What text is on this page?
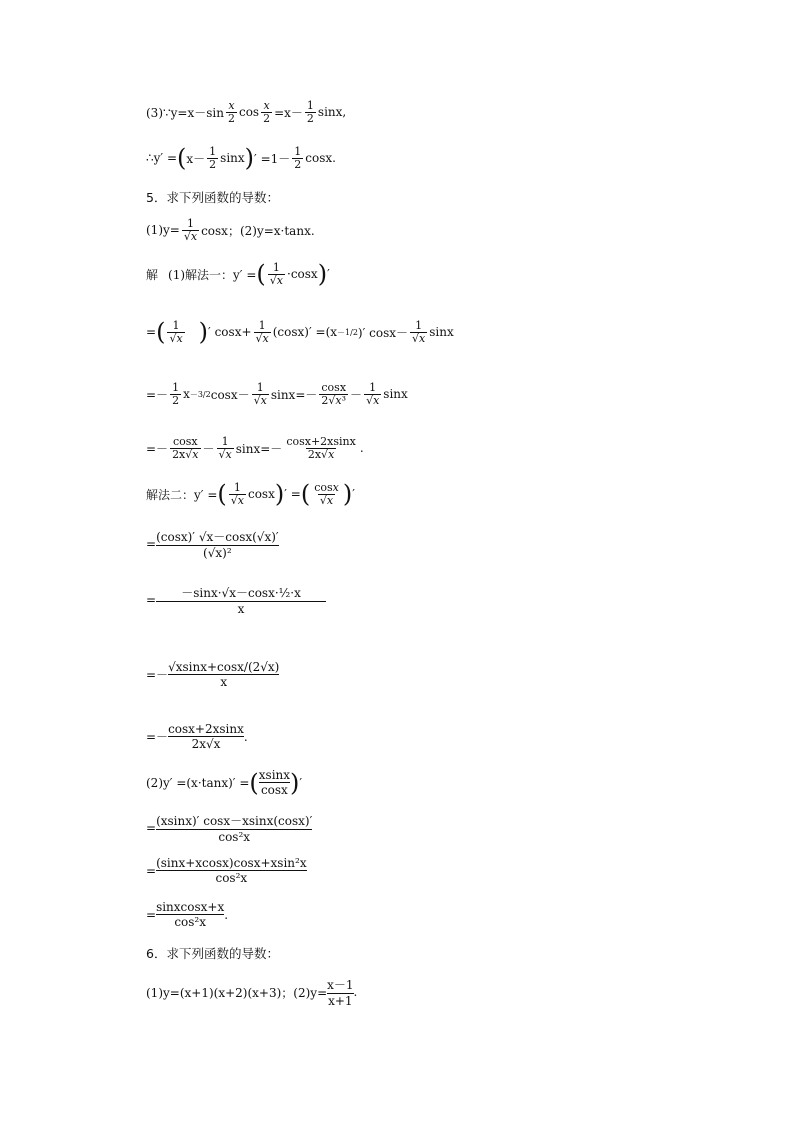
(3)∵y=x－sin $\frac{x}{2}$ $\cos \frac{x}{2} =x- \frac{1}{2} \sin x$,
∴y′ = ( $x- \frac{1}{2}$ sinx ) ′ $=1- \frac{1}{2} \cos x$.
5．求下列函数的导数：
$(1)y= \frac{1}{√x}$ cosx；(2)y=x·tanx.
解 (1)解法一：y′ = ( $\frac{1}{√x} \cdot\cos x$ ) ′
= ( $\frac{1}{√x}$ ) ′ $\cos x+ \frac{1}{√x} (\cos x)' =(x -1/2$ )′ $\cos x- \frac{1}{√x}$ sinx
=－ $\frac{1}{2}$ x －3/2 $\cos x- \frac{1}{√x} \sin x=- \frac{\cos x}{\text{2√x³}} - \frac{1}{√x}$ sinx
=－ $\frac{\cos x}{2x√x} - \frac{1}{√x} \sin x=- \frac{\cos x+2xsinx}{2x√x}$ .
解法二：y′ = ( $\frac{1}{√x}$ cosx ) ′ = ( $\frac{\cos x}{√x}$ ) ′
= $\frac{(\cos x)' √x-\cos x(√x)'}{\text{(√x)²}}$
= $\frac{\text{－sinx·√x－cosx·½·x}}{x}$
=－ $\frac{√xsinx+\cos x/(2√x)}{x}$
=－ $\frac{\cos x+2xsinx}{2x√x}$ .
(2)y′ =(x·tanx)′ = ( $\frac{xsinx}{\cos x}$ ) ′
= $\frac{(xsinx)' \cos x-xsinx(\cos x)'}{\text{cos²x}}$
= $\frac{\text{(sinx+xcosx)cosx+xsin²x}}{\text{cos²x}}$
= $\frac{\text{sinxcosx+x}}{\text{cos²x}}$ .
6．求下列函数的导数：
(1)y=(x+1)(x+2)(x+3)；$(2)y= \frac{x-1}{x+1}$ .
